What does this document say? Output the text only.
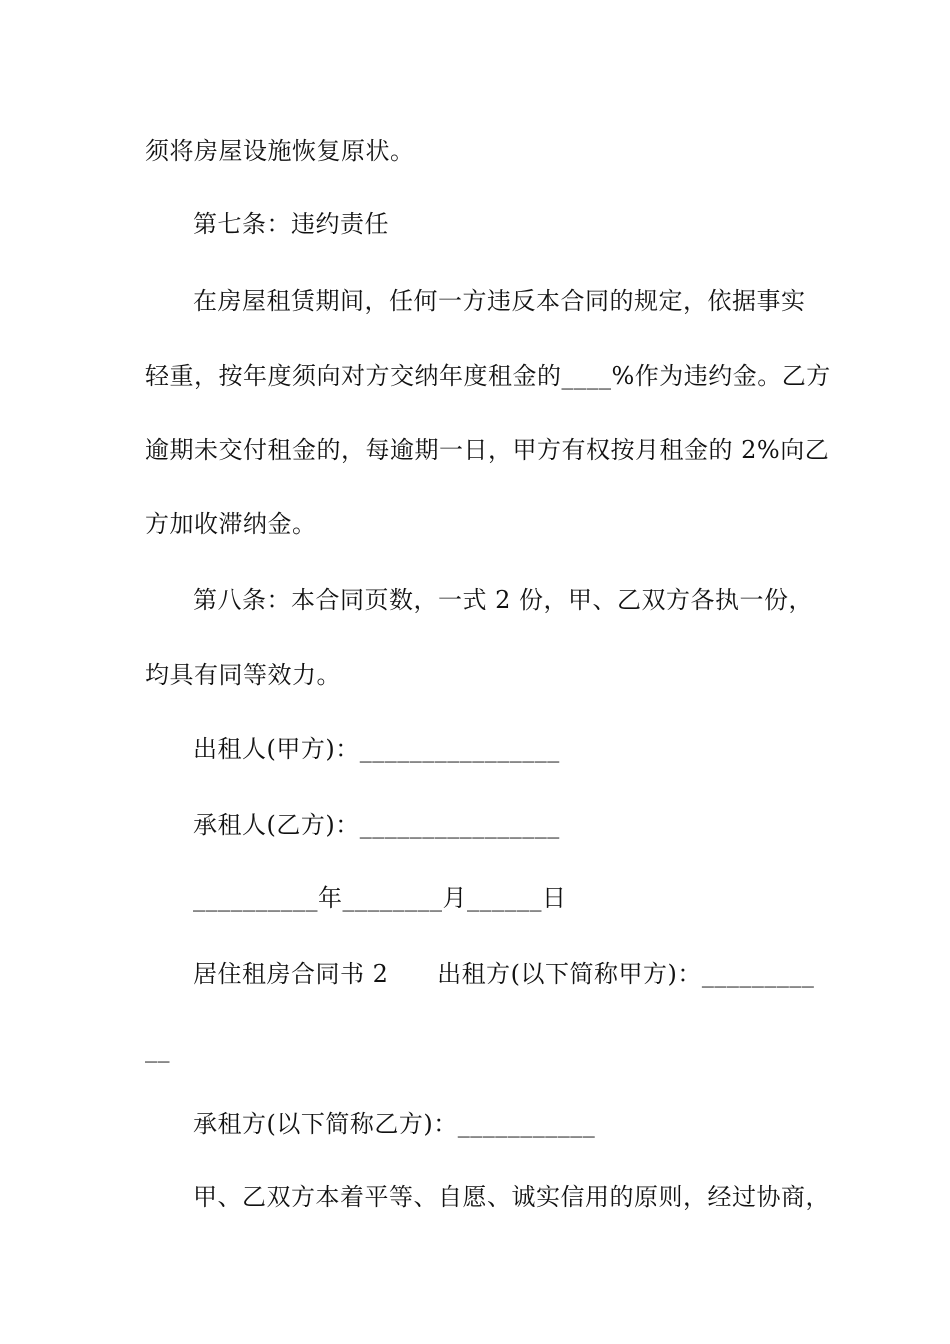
须将房屋设施恢复原状。
第七条：违约责任
在房屋租赁期间，任何一方违反本合同的规定，依据事实
轻重，按年度须向对方交纳年度租金的____%作为违约金。乙方
逾期未交付租金的，每逾期一日，甲方有权按月租金的 2%向乙
方加收滞纳金。
第八条：本合同页数，一式 2 份，甲、乙双方各执一份，
均具有同等效力。
出租人(甲方)：________________
承租人(乙方)：________________
__________年________月______日
居住租房合同书 2      出租方(以下简称甲方)：_________
__
承租方(以下简称乙方)：___________
甲、乙双方本着平等、自愿、诚实信用的原则，经过协商，
